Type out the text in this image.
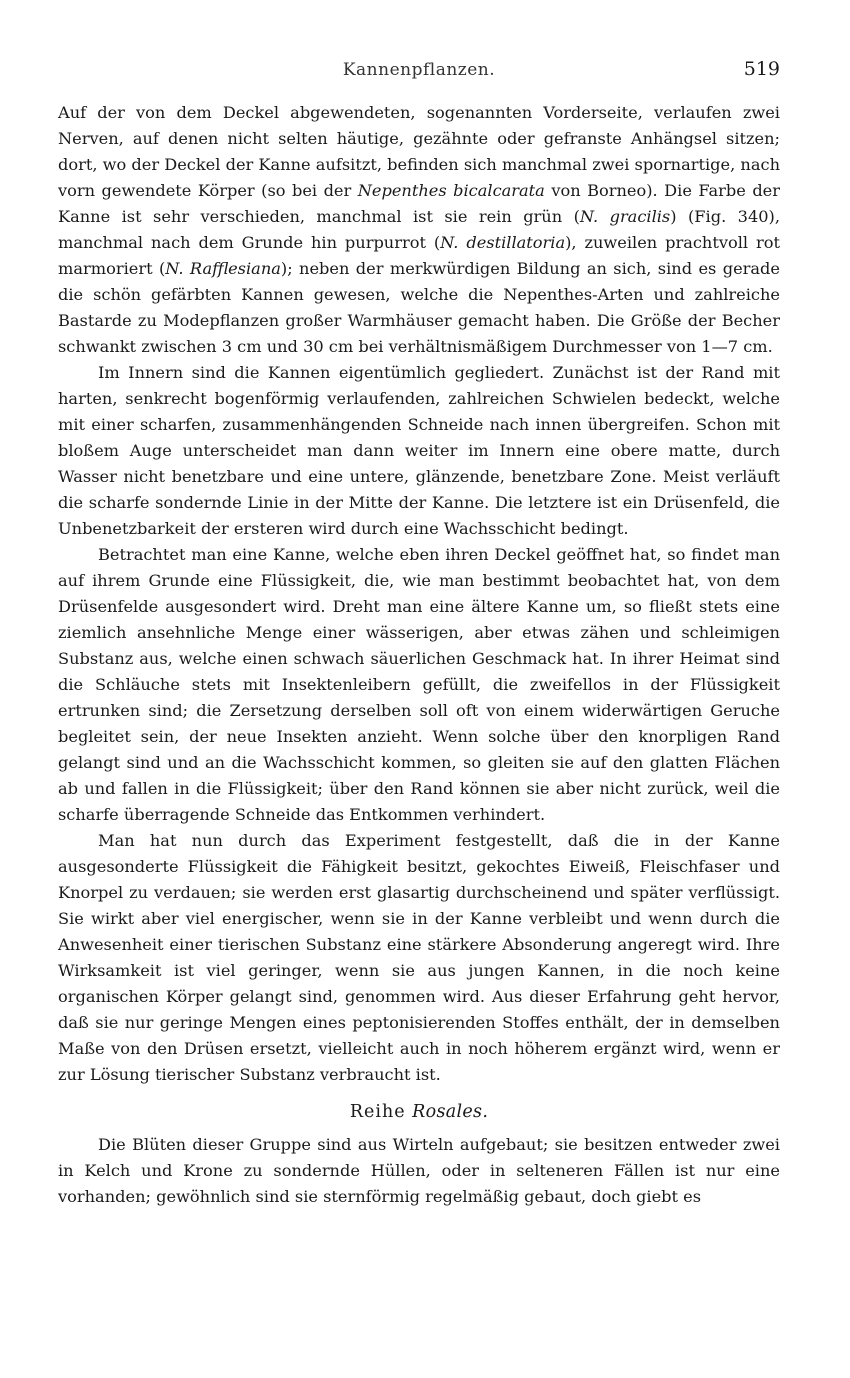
Kannenpflanzen.	519

Auf der von dem Deckel abgewendeten, sogenannten Vorderseite, verlaufen zwei Nerven, auf denen nicht selten häutige, gezähnte oder gefranste Anhängsel sitzen; dort, wo der Deckel der Kanne aufsitzt, befinden sich manchmal zwei spornartige, nach vorn gewendete Körper (so bei der Nepenthes bicalcarata von Borneo). Die Farbe der Kanne ist sehr verschieden, manchmal ist sie rein grün (N. gracilis) (Fig. 340), manchmal nach dem Grunde hin purpurrot (N. destillatoria), zuweilen prachtvoll rot marmoriert (N. Rafflesiana); neben der merkwürdigen Bildung an sich, sind es gerade die schön gefärbten Kannen gewesen, welche die Nepenthes-Arten und zahlreiche Bastarde zu Modepflanzen großer Warmhäuser gemacht haben. Die Größe der Becher schwankt zwischen 3 cm und 30 cm bei verhältnismäßigem Durchmesser von 1—7 cm.

Im Innern sind die Kannen eigentümlich gegliedert. Zunächst ist der Rand mit harten, senkrecht bogenförmig verlaufenden, zahlreichen Schwielen bedeckt, welche mit einer scharfen, zusammenhängenden Schneide nach innen übergreifen. Schon mit bloßem Auge unterscheidet man dann weiter im Innern eine obere matte, durch Wasser nicht benetzbare und eine untere, glänzende, benetzbare Zone. Meist verläuft die scharfe sondernde Linie in der Mitte der Kanne. Die letztere ist ein Drüsenfeld, die Unbenetzbarkeit der ersteren wird durch eine Wachsschicht bedingt.

Betrachtet man eine Kanne, welche eben ihren Deckel geöffnet hat, so findet man auf ihrem Grunde eine Flüssigkeit, die, wie man bestimmt beobachtet hat, von dem Drüsenfelde ausgesondert wird. Dreht man eine ältere Kanne um, so fließt stets eine ziemlich ansehnliche Menge einer wässerigen, aber etwas zähen und schleimigen Substanz aus, welche einen schwach säuerlichen Geschmack hat. In ihrer Heimat sind die Schläuche stets mit Insektenleibern gefüllt, die zweifellos in der Flüssigkeit ertrunken sind; die Zersetzung derselben soll oft von einem widerwärtigen Geruche begleitet sein, der neue Insekten anzieht. Wenn solche über den knorpligen Rand gelangt sind und an die Wachsschicht kommen, so gleiten sie auf den glatten Flächen ab und fallen in die Flüssigkeit; über den Rand können sie aber nicht zurück, weil die scharfe überragende Schneide das Entkommen verhindert.

Man hat nun durch das Experiment festgestellt, daß die in der Kanne ausgesonderte Flüssigkeit die Fähigkeit besitzt, gekochtes Eiweiß, Fleischfaser und Knorpel zu verdauen; sie werden erst glasartig durchscheinend und später verflüssigt. Sie wirkt aber viel energischer, wenn sie in der Kanne verbleibt und wenn durch die Anwesenheit einer tierischen Substanz eine stärkere Absonderung angeregt wird. Ihre Wirksamkeit ist viel geringer, wenn sie aus jungen Kannen, in die noch keine organischen Körper gelangt sind, genommen wird. Aus dieser Erfahrung geht hervor, daß sie nur geringe Mengen eines peptonisierenden Stoffes enthält, der in demselben Maße von den Drüsen ersetzt, vielleicht auch in noch höherem ergänzt wird, wenn er zur Lösung tierischer Substanz verbraucht ist.

Reihe Rosales.

Die Blüten dieser Gruppe sind aus Wirteln aufgebaut; sie besitzen entweder zwei in Kelch und Krone zu sondernde Hüllen, oder in selteneren Fällen ist nur eine vorhanden; gewöhnlich sind sie sternförmig regelmäßig gebaut, doch giebt es
